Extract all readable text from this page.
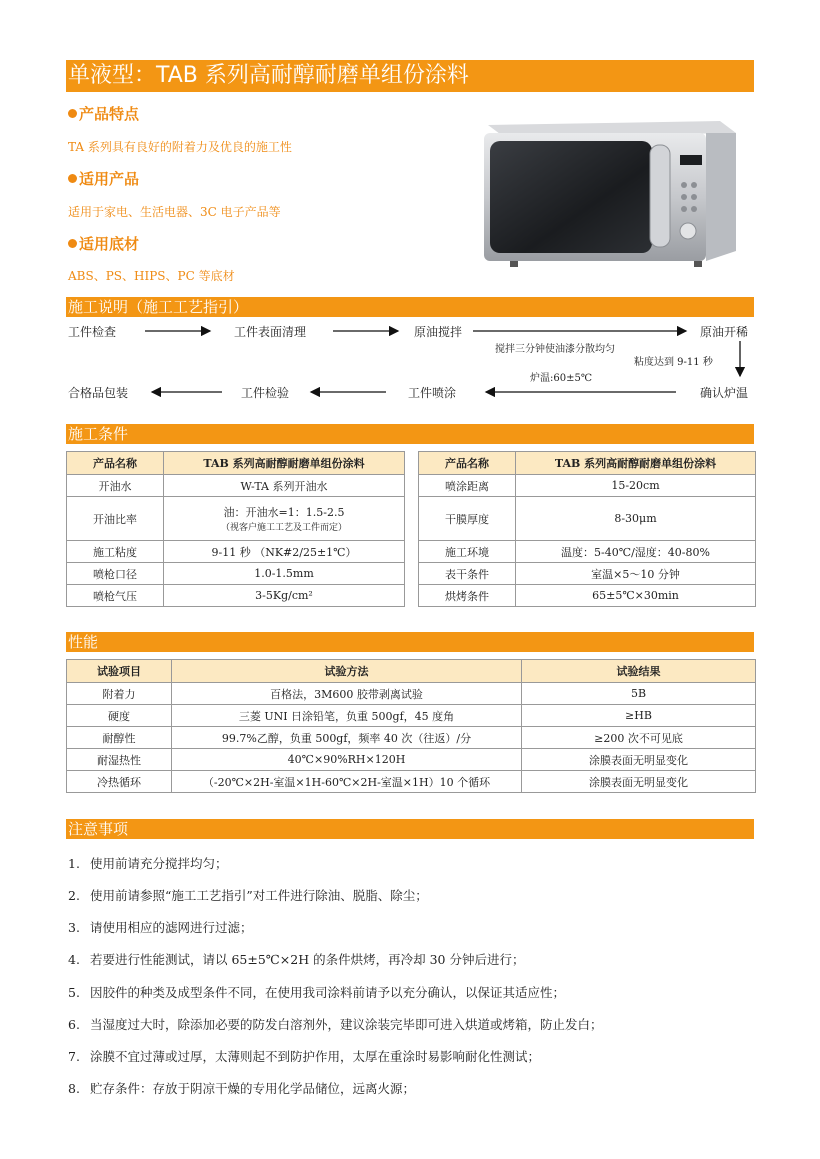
单液型：TAB 系列高耐醇耐磨单组份涂料
产品特点
TA 系列具有良好的附着力及优良的施工性
适用产品
适用于家电、生活电器、3C 电子产品等
适用底材
ABS、PS、HIPS、PC 等底材
施工说明（施工工艺指引）
工件检查	工件表面清理	原油搅拌	原油开稀
确认炉温
工件喷涂
工件检验
合格品包装
搅拌三分钟使油漆分散均匀
粘度达到 9-11 秒
炉温:60±5℃
施工条件
产品名称	TAB 系列高耐醇耐磨单组份涂料
开油水	W-TA 系列开油水
开油比率	油：开油水=1：1.5-2.5
（视客户施工工艺及工件而定）

施工粘度	9-11 秒 （NK#2/25±1℃）
喷枪口径	1.0-1.5mm
喷枪气压	3-5Kg/cm²
产品名称	TAB 系列高耐醇耐磨单组份涂料
喷涂距离	15-20cm
干膜厚度	8-30μm
施工环境	温度：5-40℃/湿度：40-80%
表干条件	室温×5～10 分钟
烘烤条件	65±5℃×30min
性能
试验项目	试验方法	试验结果
附着力	百格法，3M600 胶带剥离试验	5B
硬度	三菱 UNI 日涂铅笔，负重 500gf，45 度角	≥HB
耐醇性	99.7%乙醇，负重 500gf，频率 40 次（往返）/分	≥200 次不可见底
耐湿热性	40℃×90%RH×120H	涂膜表面无明显变化
冷热循环	（-20℃×2H-室温×1H-60℃×2H-室温×1H）10 个循环	涂膜表面无明显变化
注意事项
1. 使用前请充分搅拌均匀；
2. 使用前请参照“施工工艺指引”对工件进行除油、脱脂、除尘；
3. 请使用相应的滤网进行过滤；
4. 若要进行性能测试，请以 65±5℃×2H 的条件烘烤，再冷却 30 分钟后进行；
5. 因胶件的种类及成型条件不同，在使用我司涂料前请予以充分确认，以保证其适应性；
6. 当湿度过大时，除添加必要的防发白溶剂外，建议涂装完毕即可进入烘道或烤箱，防止发白；
7. 涂膜不宜过薄或过厚，太薄则起不到防护作用，太厚在重涂时易影响耐化性测试；
8. 贮存条件：存放于阴凉干燥的专用化学品储位，远离火源；
